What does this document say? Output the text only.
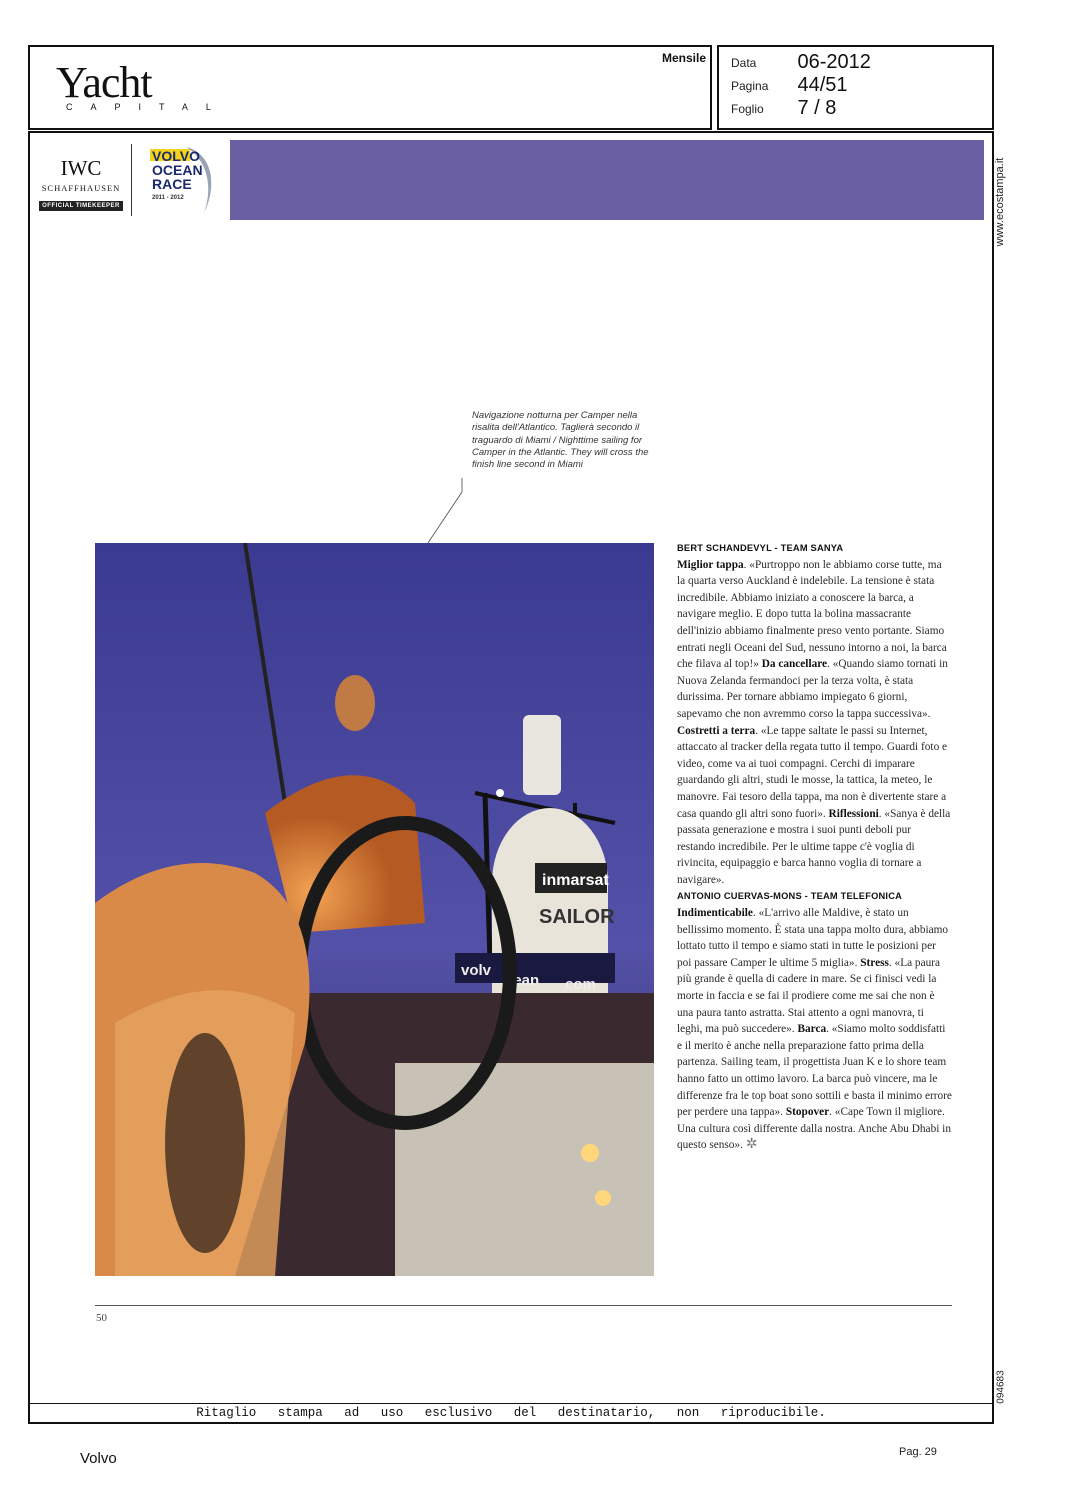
Yacht
CAPITAL
Mensile Data 06-2012
Pagina 44/51
Foglio 7 / 8
IWC
SCHAFFHAUSEN
OFFICIAL TIMEKEEPER
VOLVO
OCEAN
RACE
2011 - 2012	www.ecostampa.it
094683
Navigazione notturna per Camper nella risalita dell'Atlantico. Taglierà secondo il traguardo di Miami / Nighttime sailing for Camper in the Atlantic. They will cross the finish line second in Miami
inmarsat
SAILOR
volv
cean com
BERT SCHANDEVYL - TEAM SANYA
Miglior tappa. «Purtroppo non le abbiamo corse tutte, ma la quarta verso Auckland è indelebile. La tensione è stata incredibile. Abbiamo iniziato a conoscere la barca, a navigare meglio. E dopo tutta la bolina massacrante dell'inizio abbiamo finalmente preso vento portante. Siamo entrati negli Oceani del Sud, nessuno intorno a noi, la barca che filava al top!» Da cancellare. «Quando siamo tornati in Nuova Zelanda fermandoci per la terza volta, è stata durissima. Per tornare abbiamo impiegato 6 giorni, sapevamo che non avremmo corso la tappa successiva». Costretti a terra. «Le tappe saltate le passi su Internet, attaccato al tracker della regata tutto il tempo. Guardi foto e video, come va ai tuoi compagni. Cerchi di imparare guardando gli altri, studi le mosse, la tattica, la meteo, le manovre. Fai tesoro della tappa, ma non è divertente stare a casa quando gli altri sono fuori». Riflessioni. «Sanya è della passata generazione e mostra i suoi punti deboli pur restando incredibile. Per le ultime tappe c'è voglia di rivincita, equipaggio e barca hanno voglia di tornare a navigare».
ANTONIO CUERVAS-MONS - TEAM TELEFONICA
Indimenticabile. «L'arrivo alle Maldive, è stato un bellissimo momento. È stata una tappa molto dura, abbiamo lottato tutto il tempo e siamo stati in tutte le posizioni per poi passare Camper le ultime 5 miglia». Stress. «La paura più grande è quella di cadere in mare. Se ci finisci vedi la morte in faccia e se fai il prodiere come me sai che non è una paura tanto astratta. Stai attento a ogni manovra, ti leghi, ma può succedere». Barca. «Siamo molto soddisfatti e il merito è anche nella preparazione fatto prima della partenza. Sailing team, il progettista Juan K e lo shore team hanno fatto un ottimo lavoro. La barca può vincere, ma le differenze fra le top boat sono sottili e basta il minimo errore per perdere una tappa». Stopover. «Cape Town il migliore. Una cultura così differente dalla nostra. Anche Abu Dhabi in questo senso». ✲
50
Ritaglio stampa ad uso esclusivo del destinatario, non riproducibile.
Volvo	Pag. 29
